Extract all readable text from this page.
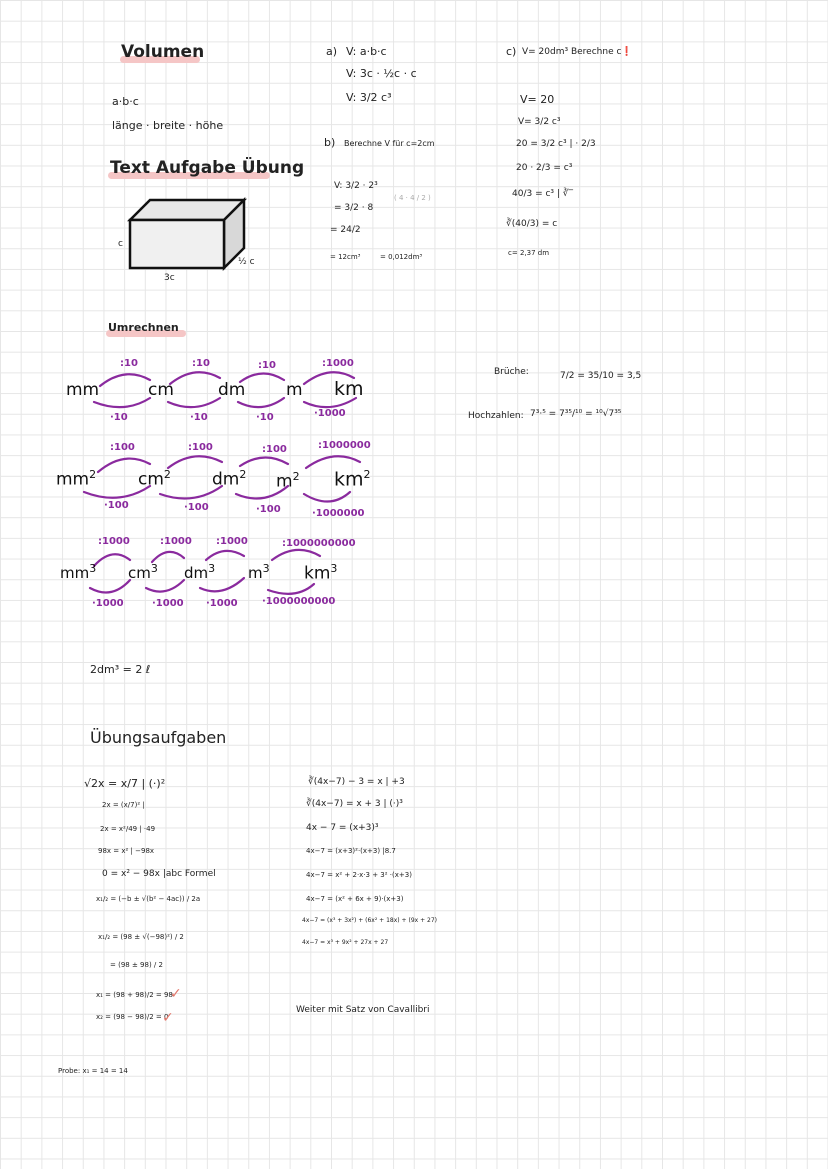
Volumen
a·b·c
länge · breite · höhe
Text Aufgabe Übung
c
3c
½ c
a) V: a·b·c
V: 3c · ½c · c
V: 3/2 c³
b) Berechne V für c=2cm
V: 3/2 · 2³
= 3/2 · 8
= 24/2
= 12cm³	= 0,012dm³
( 4 · 4 / 2 )
c) V= 20dm³ Berechne c❗
V= 20
V= 3/2 c³
20 = 3/2 c³ | · 2/3
20 · 2/3 = c³
40/3 = c³ | ∛‾
∛(40/3) = c
c= 2,37 dm
Umrechnen
mm	cm	dm m km
:10	:10	:10	:1000
·10	·10	·10	·1000
$mm^2$ $cm^2$ $dm^2$ $m^2$ $km^2$
:100	:100	:100	:1000000
·100	·100	·100	·1000000
$mm^3$ $cm^3$ $dm^3$ $m^3$ $km^3$
:1000	:1000 :1000	:1000000000
·1000	·1000 ·1000 ·1000000000
2dm³ = 2 ℓ
Brüche:	7/2 = 35/10 = 3,5
Hochzahlen: 7³·⁵ = 7³⁵/¹⁰ = ¹⁰√7³⁵
Übungsaufgaben
√2x = x/7 | (·)²
2x = (x/7)² |
2x = x²/49 | ·49
98x = x² | −98x
0 = x² − 98x |abc Formel
x₁/₂ = (−b ± √(b² − 4ac)) / 2a
x₁/₂ = (98 ± √(−98)²) / 2
= (98 ± 98) / 2
x₁ = (98 + 98)/2 = 98
✓
x₂ = (98 − 98)/2 = 0
✓
∛(4x−7) − 3 = x | +3
∛(4x−7) = x + 3 | (·)³
4x − 7 = (x+3)³
4x−7 = (x+3)²·(x+3) |8.7
4x−7 = x² + 2·x·3 + 3² ·(x+3)
4x−7 = (x² + 6x + 9)·(x+3)
4x−7 = (x³ + 3x²) + (6x² + 18x) + (9x + 27)
4x−7 = x³ + 9x² + 27x + 27
Weiter mit Satz von Cavallibri
Probe: x₁ = 14 = 14
